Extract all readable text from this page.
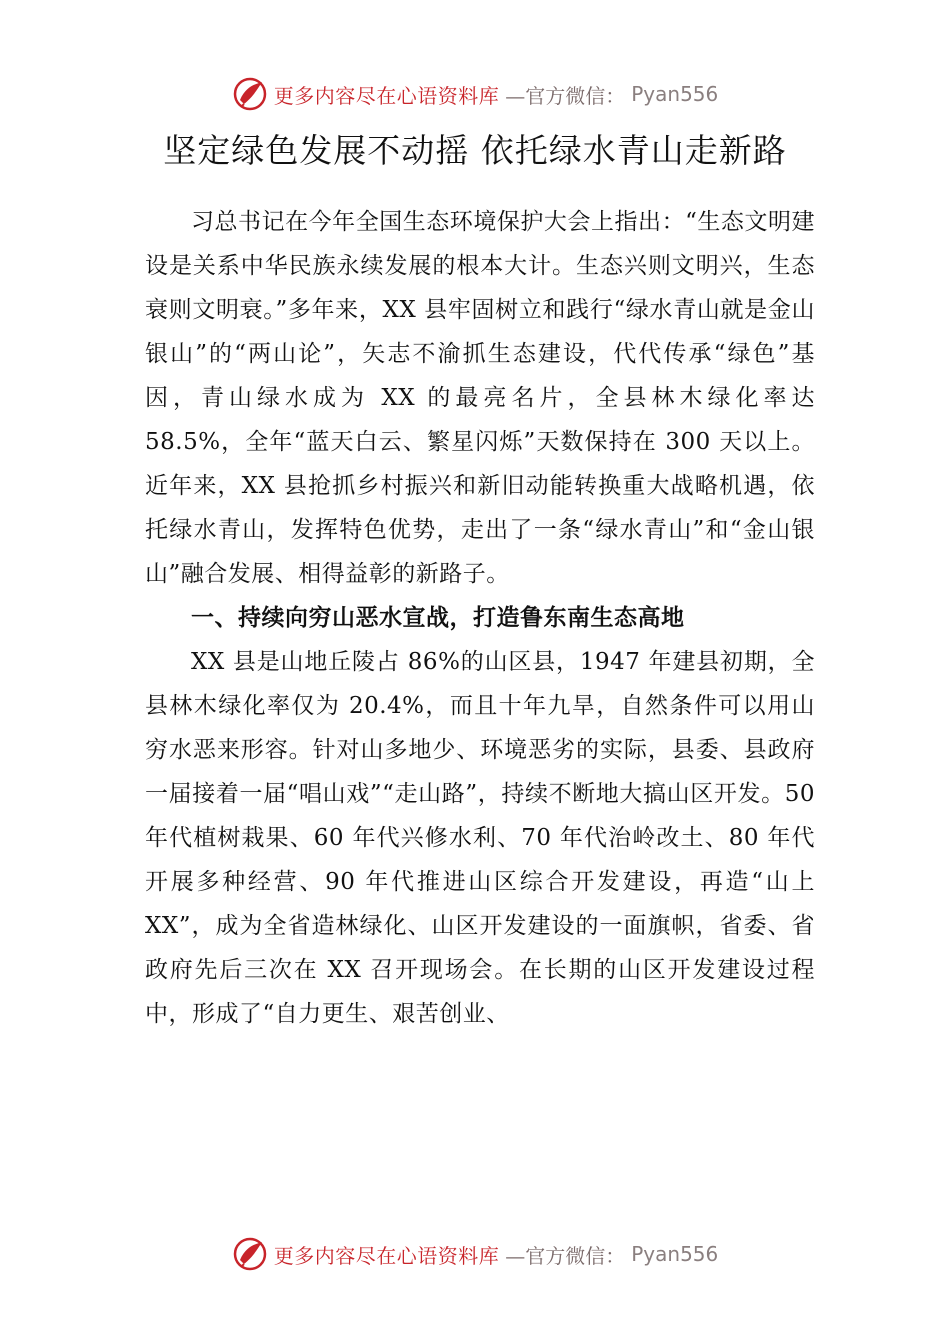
更多内容尽在心语资料库 —官方微信： Pyan556
坚定绿色发展不动摇 依托绿水青山走新路

习总书记在今年全国生态环境保护大会上指出：“生态文明建设是关系中华民族永续发展的根本大计。生态兴则文明兴，生态衰则文明衰。”多年来，XX 县牢固树立和践行“绿水青山就是金山银山”的“两山论”，矢志不渝抓生态建设，代代传承“绿色”基因，青山绿水成为 XX 的最亮名片，全县林木绿化率达 58.5%，全年“蓝天白云、繁星闪烁”天数保持在 300 天以上。近年来，XX 县抢抓乡村振兴和新旧动能转换重大战略机遇，依托绿水青山，发挥特色优势，走出了一条“绿水青山”和“金山银山”融合发展、相得益彰的新路子。

一、持续向穷山恶水宣战，打造鲁东南生态高地

XX 县是山地丘陵占 86%的山区县，1947 年建县初期，全县林木绿化率仅为 20.4%，而且十年九旱，自然条件可以用山穷水恶来形容。针对山多地少、环境恶劣的实际，县委、县政府一届接着一届“唱山戏”“走山路”，持续不断地大搞山区开发。50 年代植树栽果、60 年代兴修水利、70 年代治岭改土、80 年代开展多种经营、90 年代推进山区综合开发建设，再造“山上 XX”，成为全省造林绿化、山区开发建设的一面旗帜，省委、省政府先后三次在 XX 召开现场会。在长期的山区开发建设过程中，形成了“自力更生、艰苦创业、

更多内容尽在心语资料库 —官方微信： Pyan556
